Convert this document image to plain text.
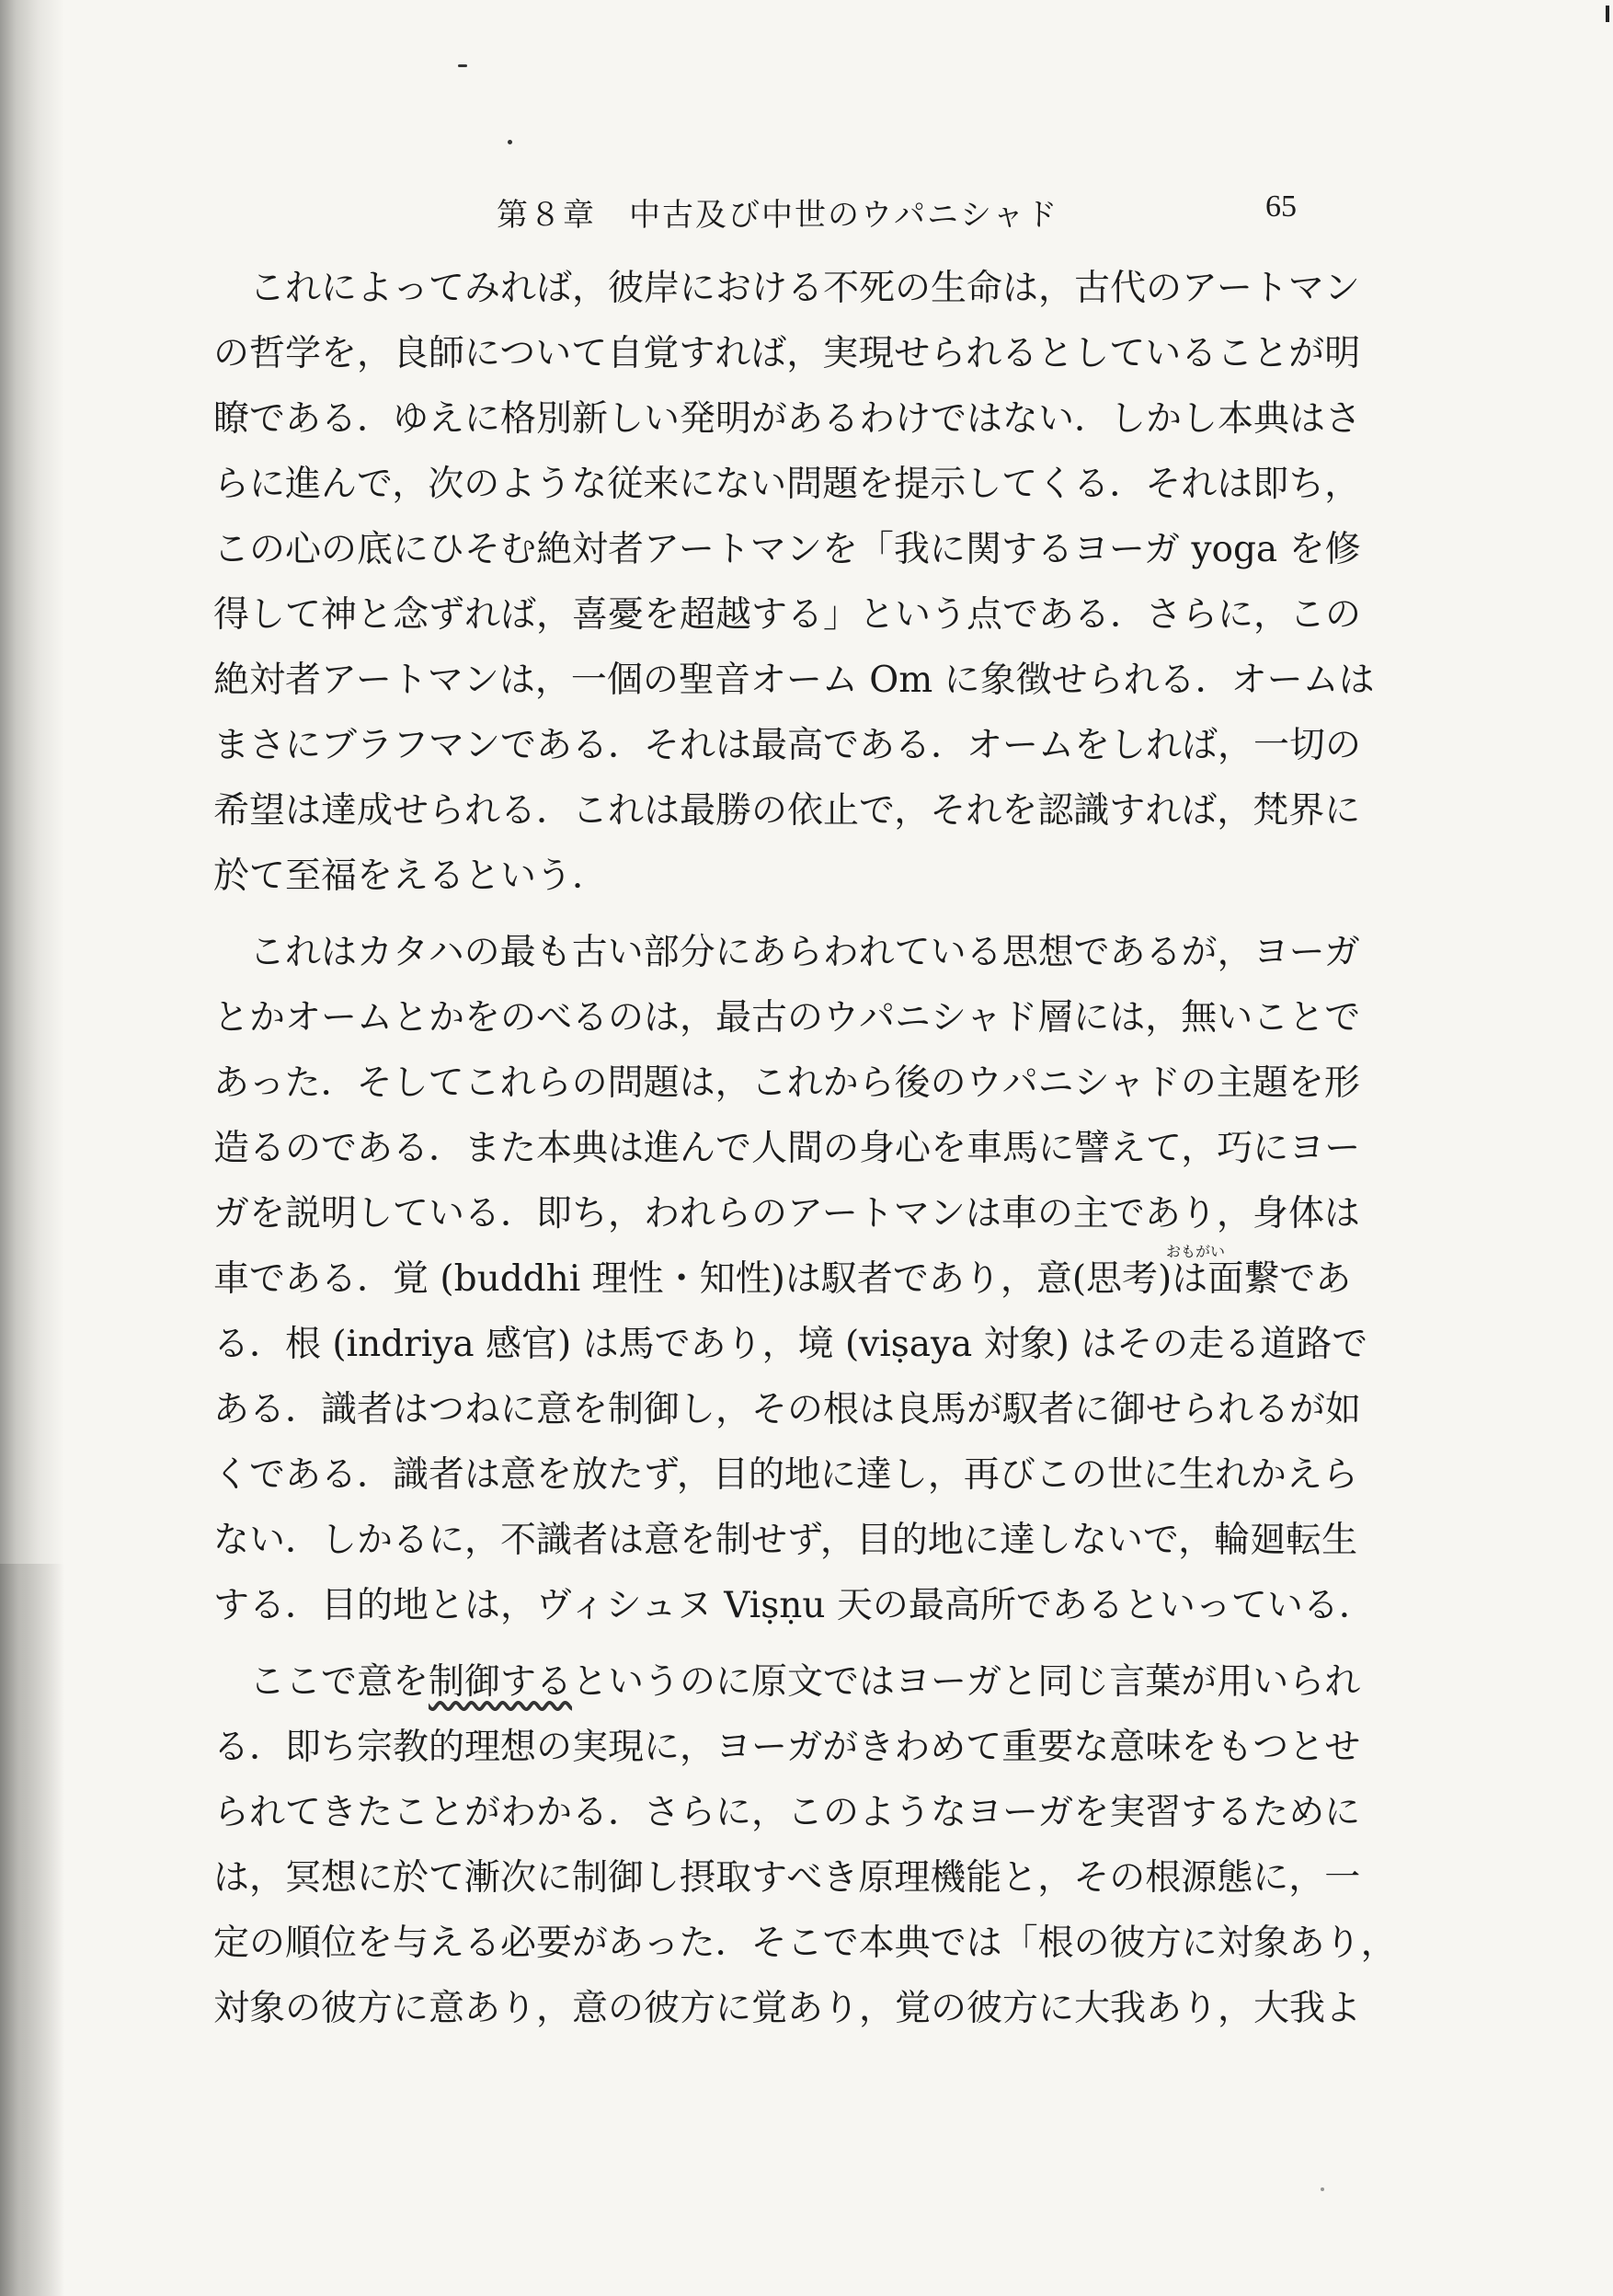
第８章　中古及び中世のウパニシャド	65
　これによってみれば，彼岸における不死の生命は，古代のアートマン
の哲学を，良師について自覚すれば，実現せられるとしていることが明
瞭である．ゆえに格別新しい発明があるわけではない．しかし本典はさ
らに進んで，次のような従来にない問題を提示してくる．それは即ち，
この心の底にひそむ絶対者アートマンを「我に関するヨーガ yoga を修
得して神と念ずれば，喜憂を超越する」という点である．さらに，この
絶対者アートマンは，一個の聖音オーム Om に象徴せられる．オームは
まさにブラフマンである．それは最高である．オームをしれば，一切の
希望は達成せられる．これは最勝の依止で，それを認識すれば，梵界に
於て至福をえるという．
　これはカタハの最も古い部分にあらわれている思想であるが，ヨーガ
とかオームとかをのべるのは，最古のウパニシャド層には，無いことで
あった．そしてこれらの問題は，これから後のウパニシャドの主題を形
造るのである．また本典は進んで人間の身心を車馬に譬えて，巧にヨー
ガを説明している．即ち，われらのアートマンは車の主であり，身体は
おもがい
車である．覚 (buddhi 理性・知性)は馭者であり，意(思考)は面繋であ
る．根 (indriya 感官) は馬であり，境 (viṣaya 対象) はその走る道路で
ある．識者はつねに意を制御し，その根は良馬が馭者に御せられるが如
くである．識者は意を放たず，目的地に達し，再びこの世に生れかえら
ない．しかるに，不識者は意を制せず，目的地に達しないで，輪廻転生
する．目的地とは，ヴィシュヌ Viṣṇu 天の最高所であるといっている．
　ここで意を制御するというのに原文ではヨーガと同じ言葉が用いられ
る．即ち宗教的理想の実現に，ヨーガがきわめて重要な意味をもつとせ
られてきたことがわかる．さらに，このようなヨーガを実習するために
は，冥想に於て漸次に制御し摂取すべき原理機能と，その根源態に，一
定の順位を与える必要があった．そこで本典では「根の彼方に対象あり，
対象の彼方に意あり，意の彼方に覚あり，覚の彼方に大我あり，大我よ
